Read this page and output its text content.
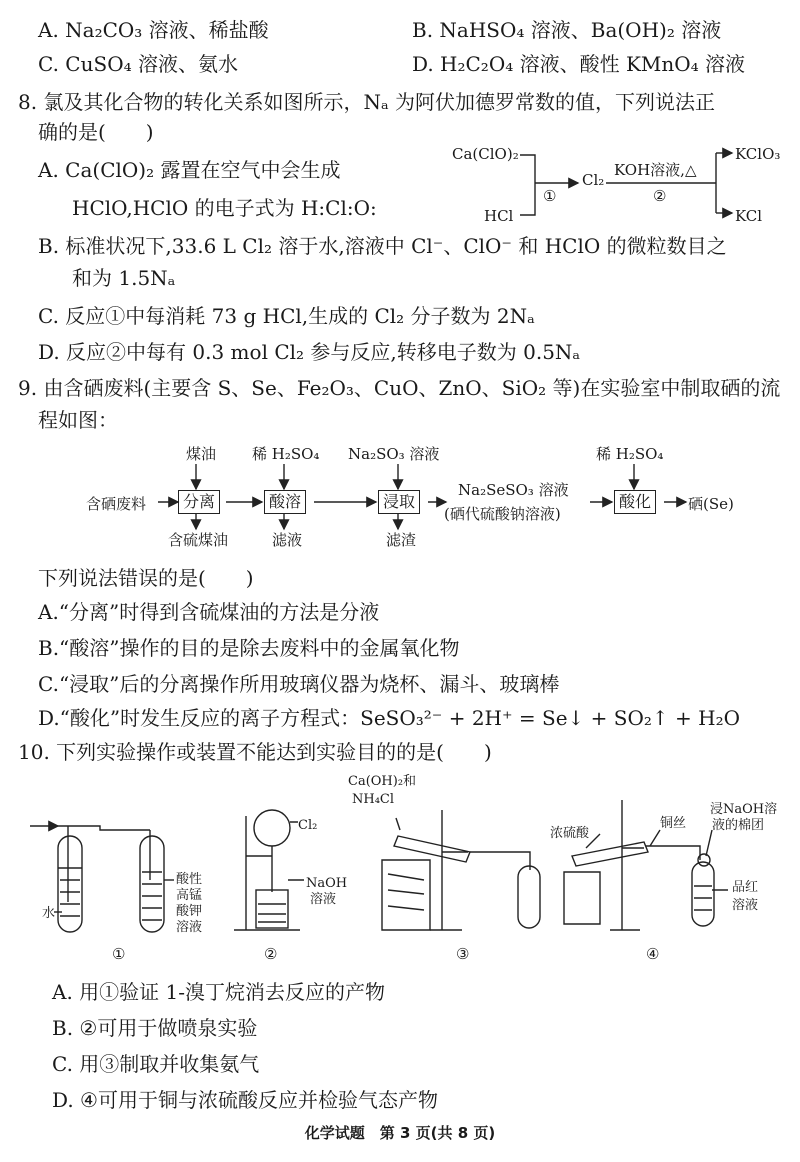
A. Na₂CO₃ 溶液、稀盐酸	B. NaHSO₄ 溶液、Ba(OH)₂ 溶液
C. CuSO₄ 溶液、氨水	D. H₂C₂O₄ 溶液、酸性 KMnO₄ 溶液
8. 氯及其化合物的转化关系如图所示，Nₐ 为阿伏加德罗常数的值，下列说法正
确的是(　　)
A. Ca(ClO)₂ 露置在空气中会生成
HClO,HClO 的电子式为 H:Cl:O:
B. 标准状况下,33.6 L Cl₂ 溶于水,溶液中 Cl⁻、ClO⁻ 和 HClO 的微粒数目之
和为 1.5Nₐ
C. 反应①中每消耗 73 g HCl,生成的 Cl₂ 分子数为 2Nₐ
D. 反应②中每有 0.3 mol Cl₂ 参与反应,转移电子数为 0.5Nₐ
Ca(ClO)₂
HCl
①
Cl₂
KOH溶液,△
②
KClO₃
KCl
9. 由含硒废料(主要含 S、Se、Fe₂O₃、CuO、ZnO、SiO₂ 等)在实验室中制取硒的流
程如图：
含硒废料
煤油
分离
含硫煤油
稀 H₂SO₄
酸溶
滤液
Na₂SO₃ 溶液
浸取
滤渣
Na₂SeSO₃ 溶液
(硒代硫酸钠溶液)
稀 H₂SO₄
酸化	硒(Se)
下列说法错误的是(　　)
A.“分离”时得到含硫煤油的方法是分液
B.“酸溶”操作的目的是除去废料中的金属氧化物
C.“浸取”后的分离操作所用玻璃仪器为烧杯、漏斗、玻璃棒
D.“酸化”时发生反应的离子方程式：SeSO₃²⁻ + 2H⁺ = Se↓ + SO₂↑ + H₂O
10. 下列实验操作或装置不能达到实验目的的是(　　)
水
酸性
高锰
酸钾
溶液
Cl₂
NaOH
溶液
Ca(OH)₂和
NH₄Cl
浓硫酸
铜丝
浸NaOH溶
液的棉团
品红
溶液
①	②	③	④
A. 用①验证 1-溴丁烷消去反应的产物
B. ②可用于做喷泉实验
C. 用③制取并收集氨气
D. ④可用于铜与浓硫酸反应并检验气态产物
化学试题　第 3 页(共 8 页)
